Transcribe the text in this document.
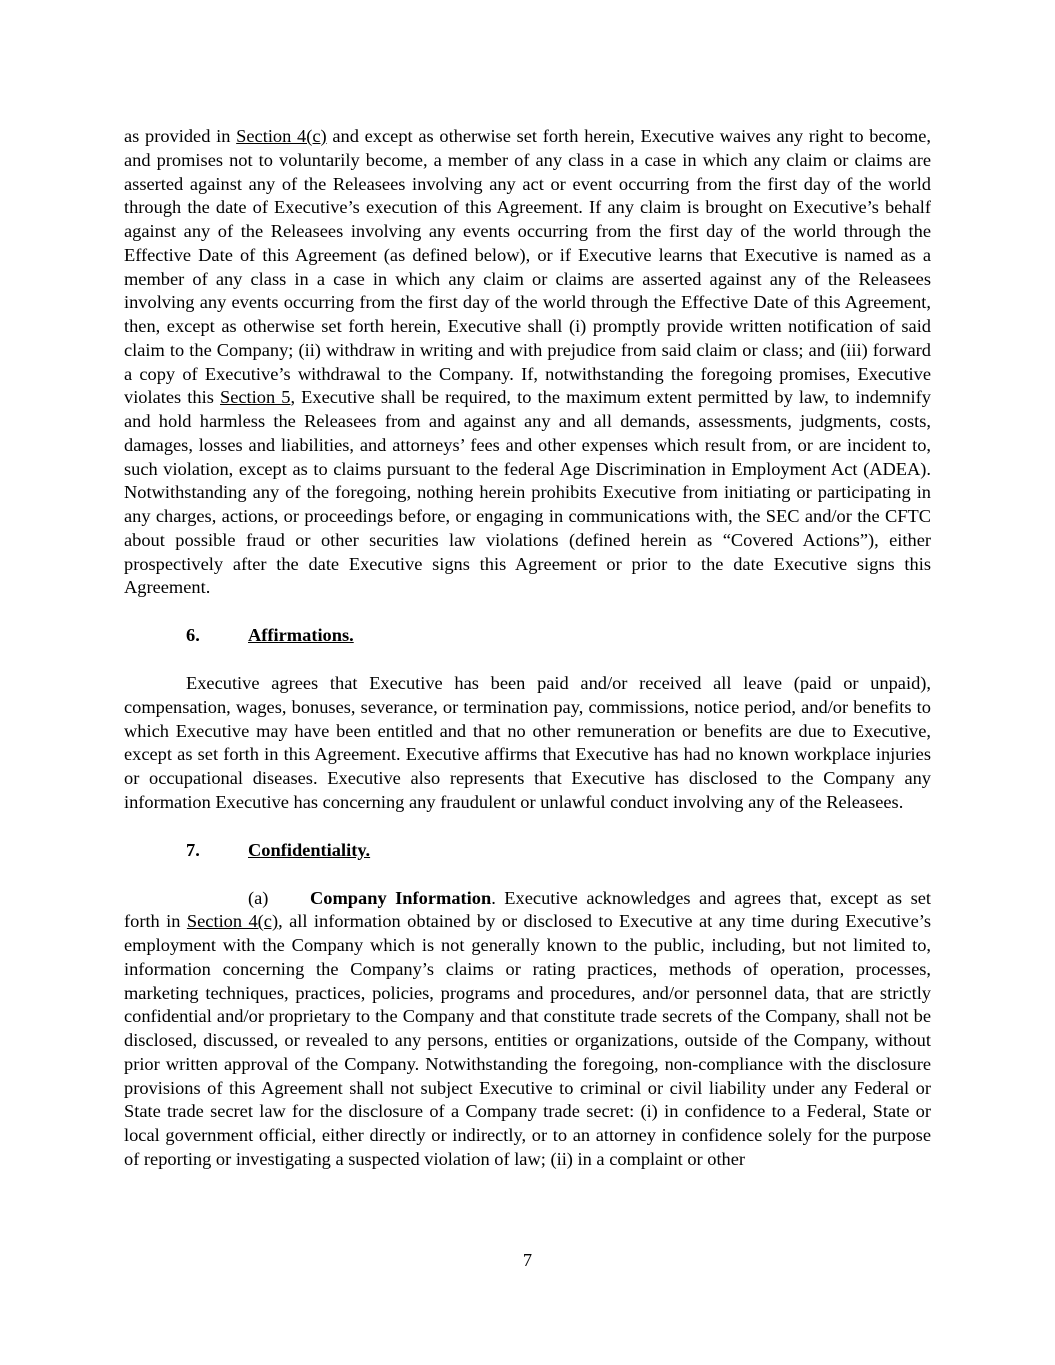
as provided in Section 4(c) and except as otherwise set forth herein, Executive waives any right to become, and promises not to voluntarily become, a member of any class in a case in which any claim or claims are asserted against any of the Releasees involving any act or event occurring from the first day of the world through the date of Executive’s execution of this Agreement. If any claim is brought on Executive’s behalf against any of the Releasees involving any events occurring from the first day of the world through the Effective Date of this Agreement (as defined below), or if Executive learns that Executive is named as a member of any class in a case in which any claim or claims are asserted against any of the Releasees involving any events occurring from the first day of the world through the Effective Date of this Agreement, then, except as otherwise set forth herein, Executive shall (i) promptly provide written notification of said claim to the Company; (ii) withdraw in writing and with prejudice from said claim or class; and (iii) forward a copy of Executive’s withdrawal to the Company. If, notwithstanding the foregoing promises, Executive violates this Section 5, Executive shall be required, to the maximum extent permitted by law, to indemnify and hold harmless the Releasees from and against any and all demands, assessments, judgments, costs, damages, losses and liabilities, and attorneys’ fees and other expenses which result from, or are incident to, such violation, except as to claims pursuant to the federal Age Discrimination in Employment Act (ADEA). Notwithstanding any of the foregoing, nothing herein prohibits Executive from initiating or participating in any charges, actions, or proceedings before, or engaging in communications with, the SEC and/or the CFTC about possible fraud or other securities law violations (defined herein as “Covered Actions”), either prospectively after the date Executive signs this Agreement or prior to the date Executive signs this Agreement.

6.	Affirmations.

Executive agrees that Executive has been paid and/or received all leave (paid or unpaid), compensation, wages, bonuses, severance, or termination pay, commissions, notice period, and/or benefits to which Executive may have been entitled and that no other remuneration or benefits are due to Executive, except as set forth in this Agreement. Executive affirms that Executive has had no known workplace injuries or occupational diseases. Executive also represents that Executive has disclosed to the Company any information Executive has concerning any fraudulent or unlawful conduct involving any of the Releasees.

7.	Confidentiality.

(a) Company Information. Executive acknowledges and agrees that, except as set forth in Section 4(c), all information obtained by or disclosed to Executive at any time during Executive’s employment with the Company which is not generally known to the public, including, but not limited to, information concerning the Company’s claims or rating practices, methods of operation, processes, marketing techniques, practices, policies, programs and procedures, and/or personnel data, that are strictly confidential and/or proprietary to the Company and that constitute trade secrets of the Company, shall not be disclosed, discussed, or revealed to any persons, entities or organizations, outside of the Company, without prior written approval of the Company. Notwithstanding the foregoing, non-compliance with the disclosure provisions of this Agreement shall not subject Executive to criminal or civil liability under any Federal or State trade secret law for the disclosure of a Company trade secret: (i) in confidence to a Federal, State or local government official, either directly or indirectly, or to an attorney in confidence solely for the purpose of reporting or investigating a suspected violation of law; (ii) in a complaint or other

7
